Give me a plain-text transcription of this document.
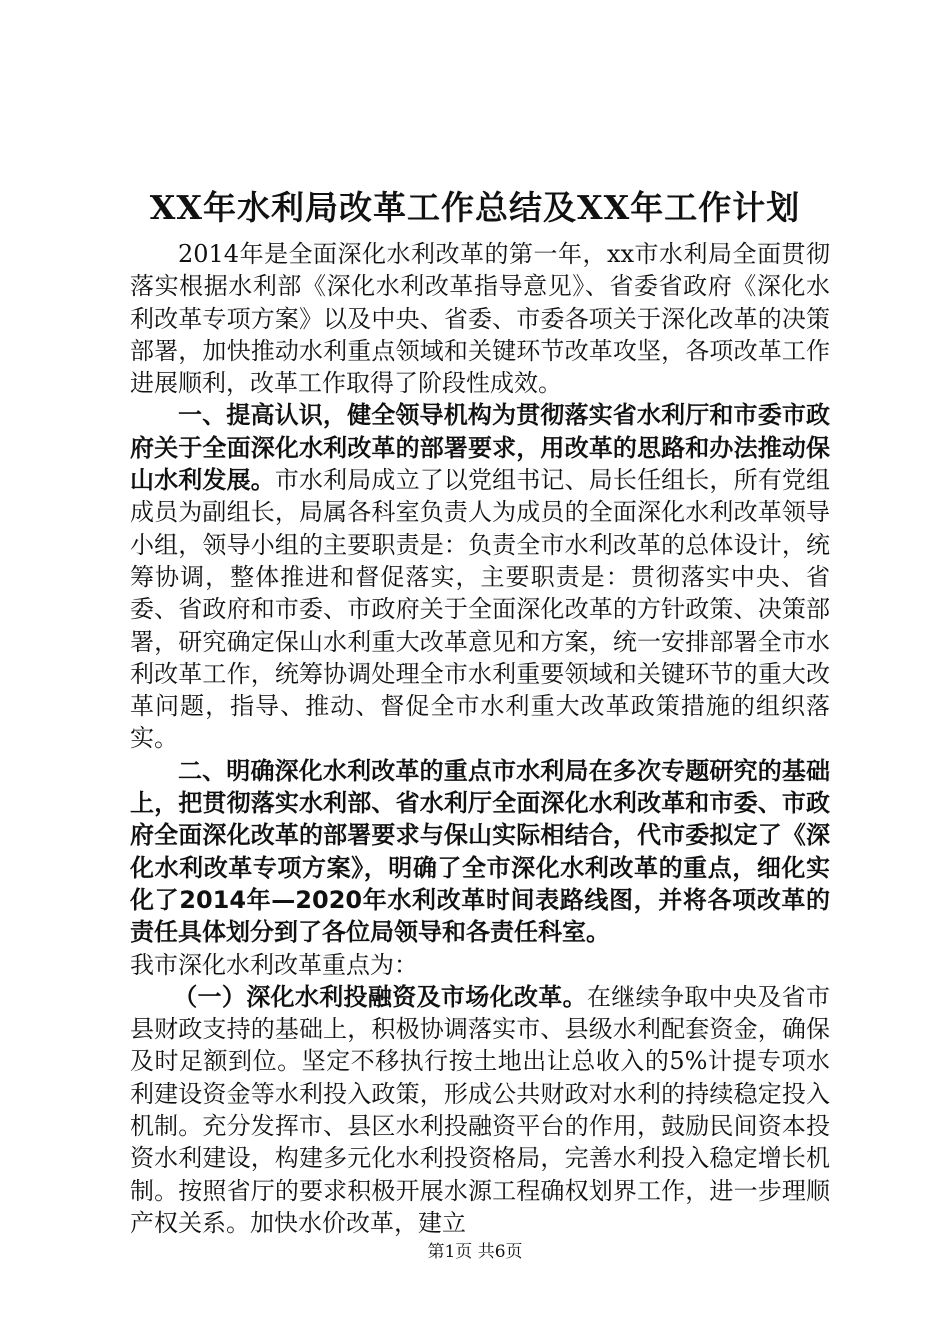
XX年水利局改革工作总结及XX年工作计划

2014年是全面深化水利改革的第一年，xx市水利局全面贯彻落实根据水利部《深化水利改革指导意见》、省委省政府《深化水利改革专项方案》以及中央、省委、市委各项关于深化改革的决策部署，加快推动水利重点领域和关键环节改革攻坚，各项改革工作进展顺利，改革工作取得了阶段性成效。

一、提高认识，健全领导机构为贯彻落实省水利厅和市委市政府关于全面深化水利改革的部署要求，用改革的思路和办法推动保山水利发展。市水利局成立了以党组书记、局长任组长，所有党组成员为副组长，局属各科室负责人为成员的全面深化水利改革领导小组，领导小组的主要职责是：负责全市水利改革的总体设计，统筹协调，整体推进和督促落实，主要职责是：贯彻落实中央、省委、省政府和市委、市政府关于全面深化改革的方针政策、决策部署，研究确定保山水利重大改革意见和方案，统一安排部署全市水利改革工作，统筹协调处理全市水利重要领域和关键环节的重大改革问题，指导、推动、督促全市水利重大改革政策措施的组织落实。

二、明确深化水利改革的重点市水利局在多次专题研究的基础上，把贯彻落实水利部、省水利厅全面深化水利改革和市委、市政府全面深化改革的部署要求与保山实际相结合，代市委拟定了《深化水利改革专项方案》，明确了全市深化水利改革的重点，细化实化了2014年—2020年水利改革时间表路线图，并将各项改革的责任具体划分到了各位局领导和各责任科室。

我市深化水利改革重点为：

（一）深化水利投融资及市场化改革。在继续争取中央及省市县财政支持的基础上，积极协调落实市、县级水利配套资金，确保及时足额到位。坚定不移执行按土地出让总收入的5%计提专项水利建设资金等水利投入政策，形成公共财政对水利的持续稳定投入机制。充分发挥市、县区水利投融资平台的作用，鼓励民间资本投资水利建设，构建多元化水利投资格局，完善水利投入稳定增长机制。按照省厅的要求积极开展水源工程确权划界工作，进一步理顺产权关系。加快水价改革，建立

第1页 共6页
